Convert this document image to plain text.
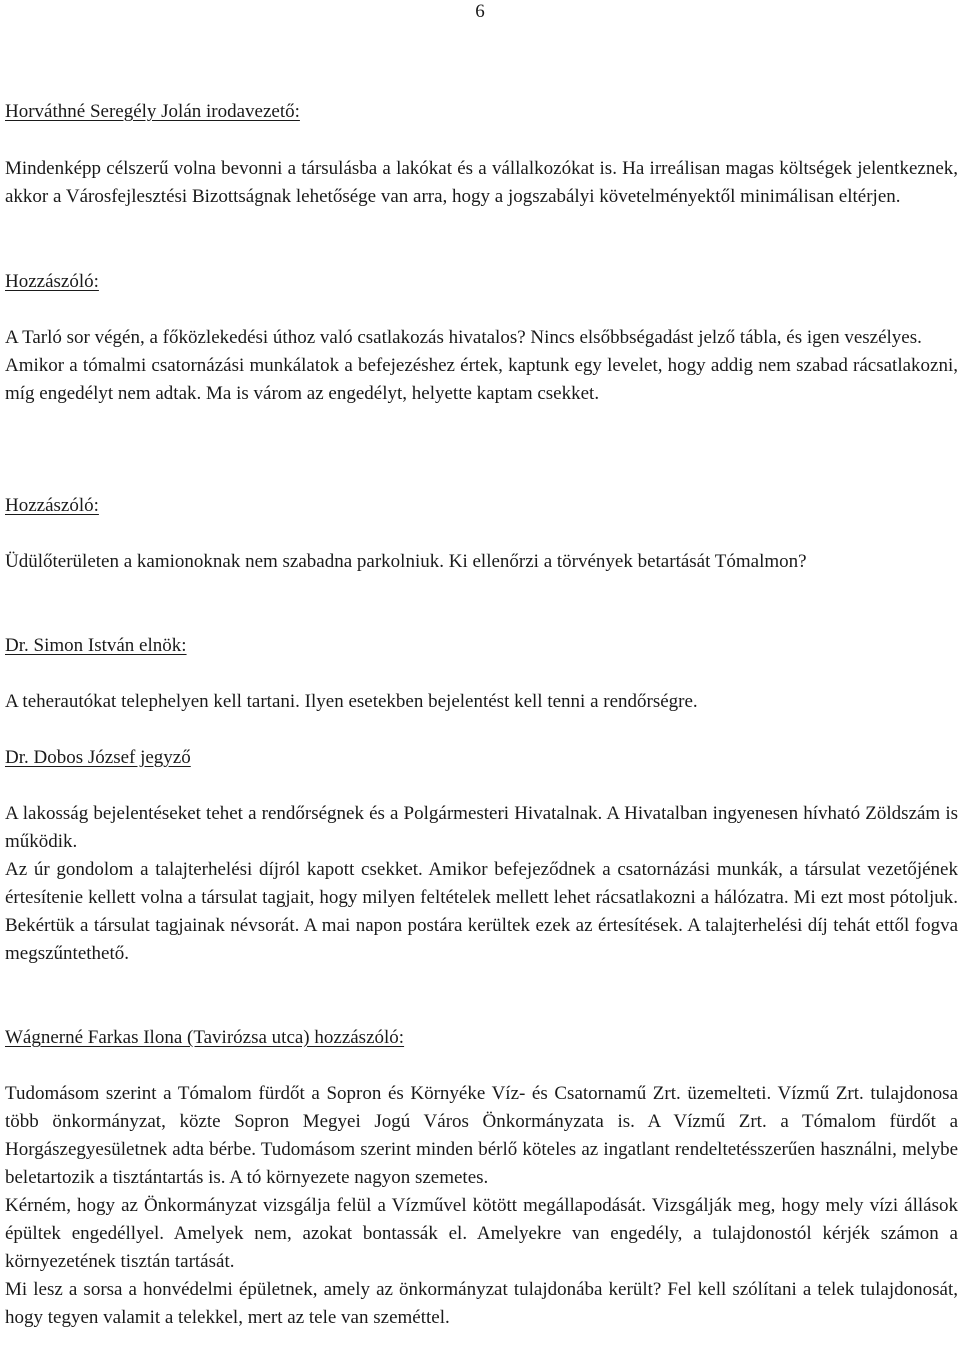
6
Horváthné Seregély Jolán irodavezető:

Mindenképp célszerű volna bevonni a társulásba a lakókat és a vállalkozókat is. Ha irreálisan magas költségek jelentkeznek, akkor a Városfejlesztési Bizottságnak lehetősége van arra, hogy a jogszabályi követelményektől minimálisan eltérjen.

Hozzászóló:

A Tarló sor végén, a főközlekedési úthoz való csatlakozás hivatalos? Nincs elsőbbségadást jelző tábla, és igen veszélyes.

Amikor a tómalmi csatornázási munkálatok a befejezéshez értek, kaptunk egy levelet, hogy addig nem szabad rácsatlakozni, míg engedélyt nem adtak. Ma is várom az engedélyt, helyette kaptam csekket.

Hozzászóló:

Üdülőterületen a kamionoknak nem szabadna parkolniuk. Ki ellenőrzi a törvények betartását Tómalmon?

Dr. Simon István elnök:

A teherautókat telephelyen kell tartani. Ilyen esetekben bejelentést kell tenni a rendőrségre.

Dr. Dobos József jegyző

A lakosság bejelentéseket tehet a rendőrségnek és a Polgármesteri Hivatalnak. A Hivatalban ingyenesen hívható Zöldszám is működik.

Az úr gondolom a talajterhelési díjról kapott csekket. Amikor befejeződnek a csatornázási munkák, a társulat vezetőjének értesítenie kellett volna a társulat tagjait, hogy milyen feltételek mellett lehet rácsatlakozni a hálózatra. Mi ezt most pótoljuk. Bekértük a társulat tagjainak névsorát. A mai napon postára kerültek ezek az értesítések. A talajterhelési díj tehát ettől fogva megszűntethető.

Wágnerné Farkas Ilona (Tavirózsa utca) hozzászóló:

Tudomásom szerint a Tómalom fürdőt a Sopron és Környéke Víz- és Csatornamű Zrt. üzemelteti. Vízmű Zrt. tulajdonosa több önkormányzat, közte Sopron Megyei Jogú Város Önkormányzata is. A Vízmű Zrt. a Tómalom fürdőt a Horgászegyesületnek adta bérbe. Tudomásom szerint minden bérlő köteles az ingatlant rendeltetésszerűen használni, melybe beletartozik a tisztántartás is. A tó környezete nagyon szemetes.

Kérném, hogy az Önkormányzat vizsgálja felül a Vízművel kötött megállapodását. Vizsgálják meg, hogy mely vízi állások épültek engedéllyel. Amelyek nem, azokat bontassák el. Amelyekre van engedély, a tulajdonostól kérjék számon a környezetének tisztán tartását.

Mi lesz a sorsa a honvédelmi épületnek, amely az önkormányzat tulajdonába került? Fel kell szólítani a telek tulajdonosát, hogy tegyen valamit a telekkel, mert az tele van szeméttel.
